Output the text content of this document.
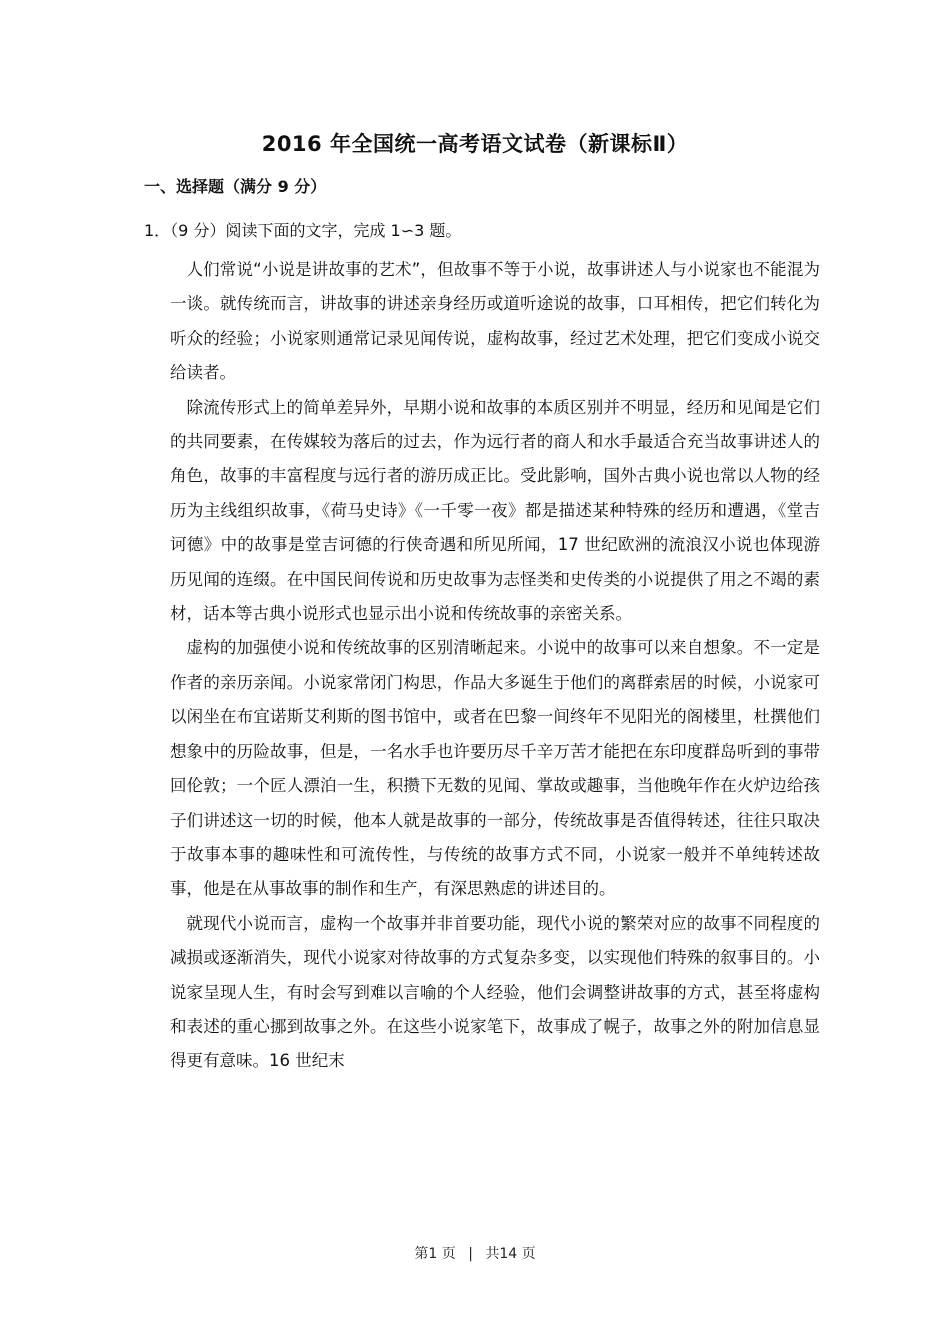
2016 年全国统一高考语文试卷（新课标Ⅱ）
一、选择题（满分 9 分）
1．（9 分）阅读下面的文字，完成 1∽3 题。

人们常说“小说是讲故事的艺术”，但故事不等于小说，故事讲述人与小说家也不能混为一谈。就传统而言，讲故事的讲述亲身经历或道听途说的故事，口耳相传，把它们转化为听众的经验；小说家则通常记录见闻传说，虚构故事，经过艺术处理，把它们变成小说交给读者。

除流传形式上的简单差异外，早期小说和故事的本质区别并不明显，经历和见闻是它们的共同要素，在传媒较为落后的过去，作为远行者的商人和水手最适合充当故事讲述人的角色，故事的丰富程度与远行者的游历成正比。受此影响，国外古典小说也常以人物的经历为主线组织故事，《荷马史诗》《一千零一夜》都是描述某种特殊的经历和遭遇，《堂吉诃德》中的故事是堂吉诃德的行侠奇遇和所见所闻，17 世纪欧洲的流浪汉小说也体现游历见闻的连缀。在中国民间传说和历史故事为志怪类和史传类的小说提供了用之不竭的素材，话本等古典小说形式也显示出小说和传统故事的亲密关系。

虚构的加强使小说和传统故事的区别清晰起来。小说中的故事可以来自想象。不一定是作者的亲历亲闻。小说家常闭门构思，作品大多诞生于他们的离群索居的时候，小说家可以闲坐在布宜诺斯艾利斯的图书馆中，或者在巴黎一间终年不见阳光的阁楼里，杜撰他们想象中的历险故事，但是，一名水手也许要历尽千辛万苦才能把在东印度群岛听到的事带回伦敦；一个匠人漂泊一生，积攒下无数的见闻、掌故或趣事，当他晚年作在火炉边给孩子们讲述这一切的时候，他本人就是故事的一部分，传统故事是否值得转述，往往只取决于故事本事的趣味性和可流传性，与传统的故事方式不同，小说家一般并不单纯转述故事，他是在从事故事的制作和生产，有深思熟虑的讲述目的。

就现代小说而言，虚构一个故事并非首要功能，现代小说的繁荣对应的故事不同程度的减损或逐渐消失，现代小说家对待故事的方式复杂多变，以实现他们特殊的叙事目的。小说家呈现人生，有时会写到难以言喻的个人经验，他们会调整讲故事的方式，甚至将虚构和表述的重心挪到故事之外。在这些小说家笔下，故事成了幌子，故事之外的附加信息显得更有意味。16 世纪末

第1 页 | 共14 页
